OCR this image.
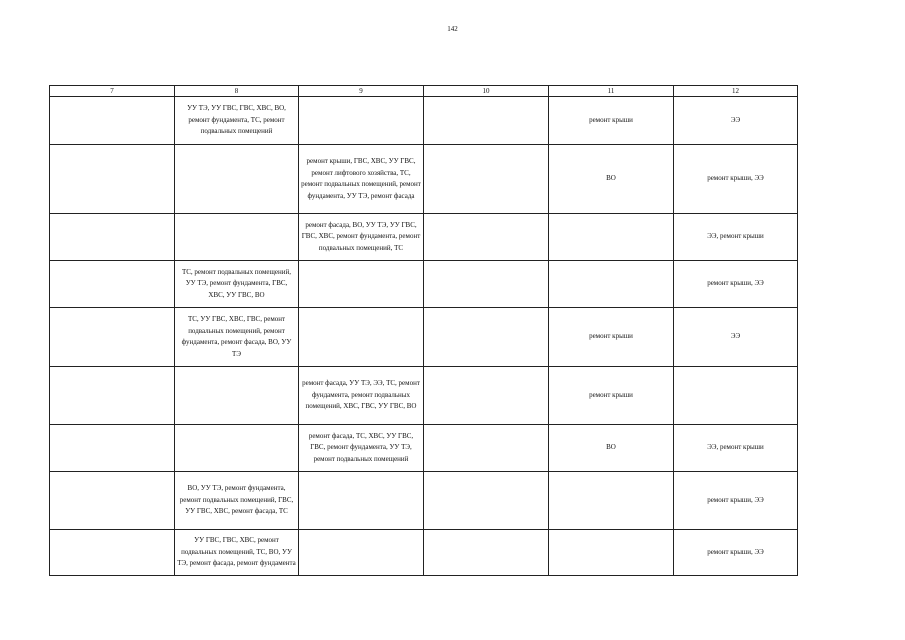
142
7	8	9	10	11	12
	УУ ТЭ, УУ ГВС, ГВС, ХВС, ВО, ремонт фундамента, ТС, ремонт подвальных помещений			ремонт крыши	ЭЭ
		ремонт крыши, ГВС, ХВС, УУ ГВС, ремонт лифтового хозяйства, ТС, ремонт подвальных помещений, ремонт фундамента, УУ ТЭ, ремонт фасада		ВО	ремонт крыши, ЭЭ
		ремонт фасада, ВО, УУ ТЭ, УУ ГВС, ГВС, ХВС, ремонт фундамента, ремонт подвальных помещений, ТС			ЭЭ, ремонт крыши
	ТС, ремонт подвальных помещений, УУ ТЭ, ремонт фундамента, ГВС, ХВС, УУ ГВС, ВО				ремонт крыши, ЭЭ
	ТС, УУ ГВС, ХВС, ГВС, ремонт подвальных помещений, ремонт фундамента, ремонт фасада, ВО, УУ ТЭ			ремонт крыши	ЭЭ
		ремонт фасада, УУ ТЭ, ЭЭ, ТС, ремонт фундамента, ремонт подвальных помещений, ХВС, ГВС, УУ ГВС, ВО		ремонт крыши	
		ремонт фасада, ТС, ХВС, УУ ГВС, ГВС, ремонт фундамента, УУ ТЭ, ремонт подвальных помещений		ВО	ЭЭ, ремонт крыши
	ВО, УУ ТЭ, ремонт фундамента, ремонт подвальных помещений, ГВС, УУ ГВС, ХВС, ремонт фасада, ТС				ремонт крыши, ЭЭ
	УУ ГВС, ГВС, ХВС, ремонт подвальных помещений, ТС, ВО, УУ ТЭ, ремонт фасада, ремонт фундамента				ремонт крыши, ЭЭ
